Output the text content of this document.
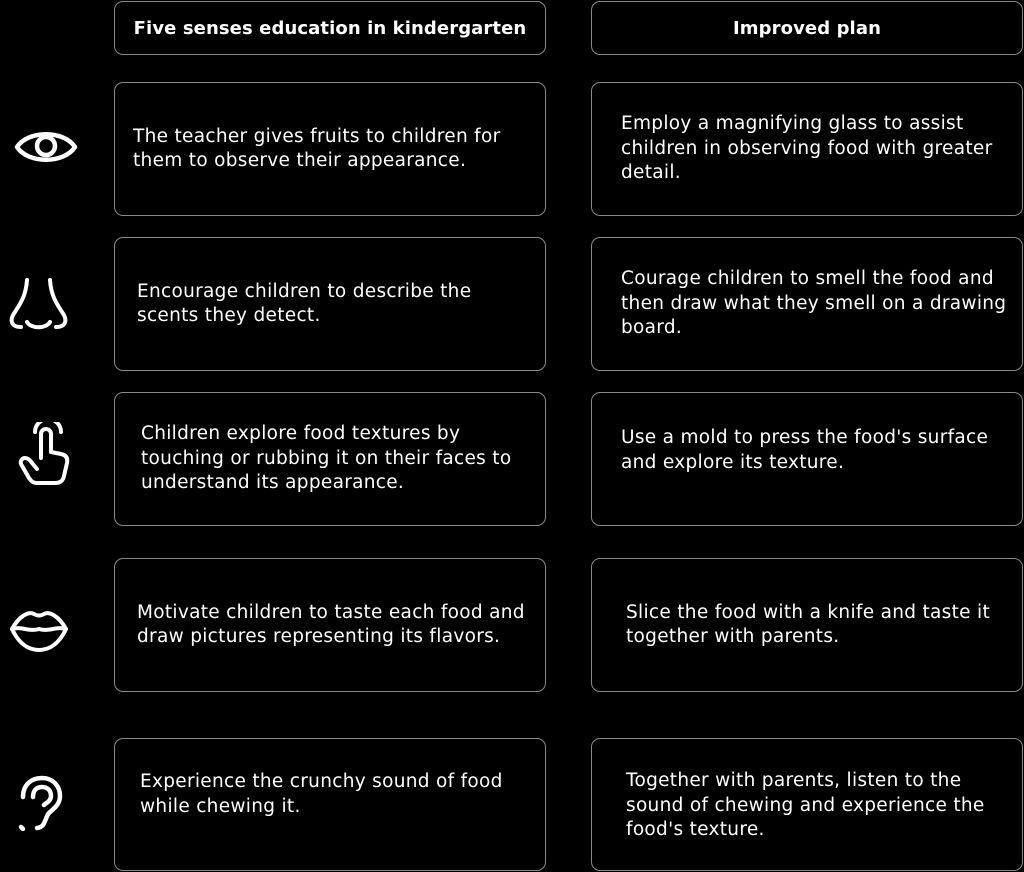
Five senses education in kindergarten	Improved plan
The teacher gives fruits to children for them to observe their appearance.
Employ a magnifying glass to assist children in observing food with greater detail.
Encourage children to describe the scents they detect.
Courage children to smell the food and then draw what they smell on a drawing board.
Children explore food textures by touching or rubbing it on their faces to understand its appearance.
Use a mold to press the food's surface and explore its texture.
Motivate children to taste each food and draw pictures representing its flavors.
Slice the food with a knife and taste it together with parents.
Experience the crunchy sound of food while chewing it.
Together with parents, listen to the sound of chewing and experience the food's texture.
